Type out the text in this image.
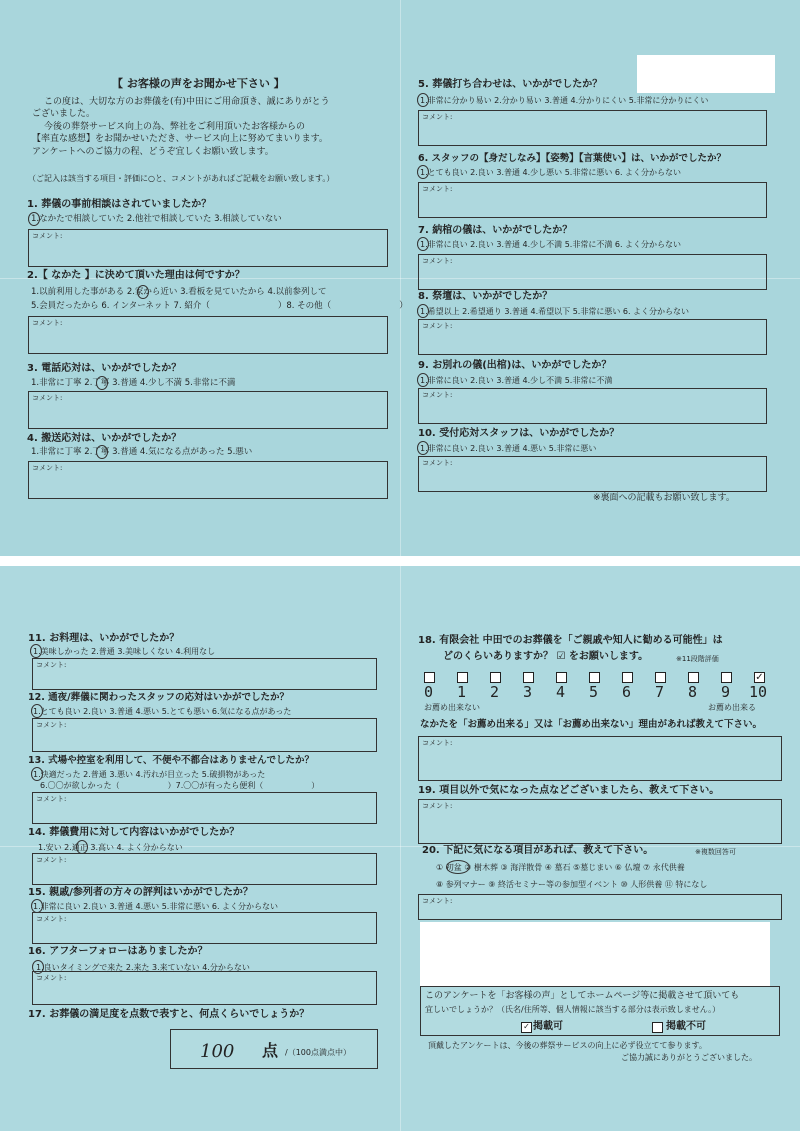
【 お客様の声をお聞かせ下さい 】
この度は、大切な方のお葬儀を(有)中田にご用命頂き、誠にありがとう
ございました。
今後の葬祭サービス向上の為、弊社をご利用頂いたお客様からの
【率直な感想】をお聞かせいただき、サービス向上に努めてまいります。
アンケートへのご協力の程、どうぞ宜しくお願い致します。
（ご記入は該当する項目・評価に○と、コメントがあればご記載をお願い致します。）
1. 葬儀の事前相談はされていましたか？
1.なかたで相談していた 2.他社で相談していた 3.相談していない
コメント:
2.【 なかた 】に決めて頂いた理由は何ですか？
1.以前利用した事がある 2.家から近い 3.看板を見ていたから 4.以前参列して
5.会員だったから 6. インターネット 7. 紹介（　　　　　　　　）8. その他（　　　　　　　　）
コメント:
3. 電話応対は、いかがでしたか？
1.非常に丁寧 2.丁寧 3.普通 4.少し不満 5.非常に不満
コメント:
4. 搬送応対は、いかがでしたか？
1.非常に丁寧 2.丁寧 3.普通 4.気になる点があった 5.悪い
コメント:
5. 葬儀打ち合わせは、いかがでしたか？
1.非常に分かり易い 2.分かり易い 3.普通 4.分かりにくい 5.非常に分かりにくい
コメント:
6. スタッフの【身だしなみ】【姿勢】【言葉使い】は、いかがでしたか？
1.とても良い 2.良い 3.普通 4.少し悪い 5.非常に悪い 6. よく分からない
コメント:
7. 納棺の儀は、いかがでしたか？
1.非常に良い 2.良い 3.普通 4.少し不満 5.非常に不満 6. よく分からない
コメント:
8. 祭壇は、いかがでしたか？
1.希望以上 2.希望通り 3.普通 4.希望以下 5.非常に悪い 6. よく分からない
コメント:
9. お別れの儀(出棺)は、いかがでしたか？
1.非常に良い 2.良い 3.普通 4.少し不満 5.非常に不満
コメント:
10. 受付応対スタッフは、いかがでしたか？
1.非常に良い 2.良い 3.普通 4.悪い 5.非常に悪い
コメント:
※裏面への記載もお願い致します。
11. お料理は、いかがでしたか？
1.美味しかった 2.普通 3.美味しくない 4.利用なし
コメント:
12. 通夜/葬儀に関わったスタッフの応対はいかがでしたか？
1.とても良い 2.良い 3.普通 4.悪い 5.とても悪い 6.気になる点があった
コメント:
13. 式場や控室を利用して、不便や不都合はありませんでしたか？
1.快適だった 2.普通 3.悪い 4.汚れが目立った 5.破損物があった
6.〇〇が欲しかった（　　　　　　）7.〇〇が有ったら便利（　　　　　　）
コメント:
14. 葬儀費用に対して内容はいかがでしたか？
1.安い 2.適正 3.高い 4. よく分からない
コメント:
15. 親戚/参列者の方々の評判はいかがでしたか？
1.非常に良い 2.良い 3.普通 4.悪い 5.非常に悪い 6. よく分からない
コメント:
16. アフターフォローはありましたか？
1.良いタイミングで来た 2.来た 3.来ていない 4.分からない
コメント:
17. お葬儀の満足度を点数で表すと、何点くらいでしょうか？
100 点 /（100点満点中）
18. 有限会社 中田でのお葬儀を「ご親戚や知人に勧める可能性」は
どのくらいありますか？ ☑ をお願いします。	※11段階評価
✓
0 1 2 3 4 5 6 7 8 9 10
お薦め出来ない	お薦め出来る
なかたを「お薦め出来る」又は「お薦め出来ない」理由があれば教えて下さい。
コメント:
19. 項目以外で気になった点などございましたら、教えて下さい。
コメント:
20. 下記に気になる項目があれば、教えて下さい。	※複数回答可
① 初盆 ② 樹木葬 ③ 海洋散骨 ④ 墓石 ⑤墓じまい ⑥ 仏壇 ⑦ 永代供養
⑧ 参列マナー ⑨ 終活セミナー等の参加型イベント ⑩ 人形供養 ⑪ 特になし
コメント:
このアンケートを「お客様の声」としてホームページ等に掲載させて頂いても
宜しいでしょうか？（氏名/住所等、個人情報に該当する部分は表示致しません。）
✓ 掲載可	掲載不可
頂戴したアンケートは、今後の葬祭サービスの向上に必ず役立てて参ります。
ご協力誠にありがとうございました。
